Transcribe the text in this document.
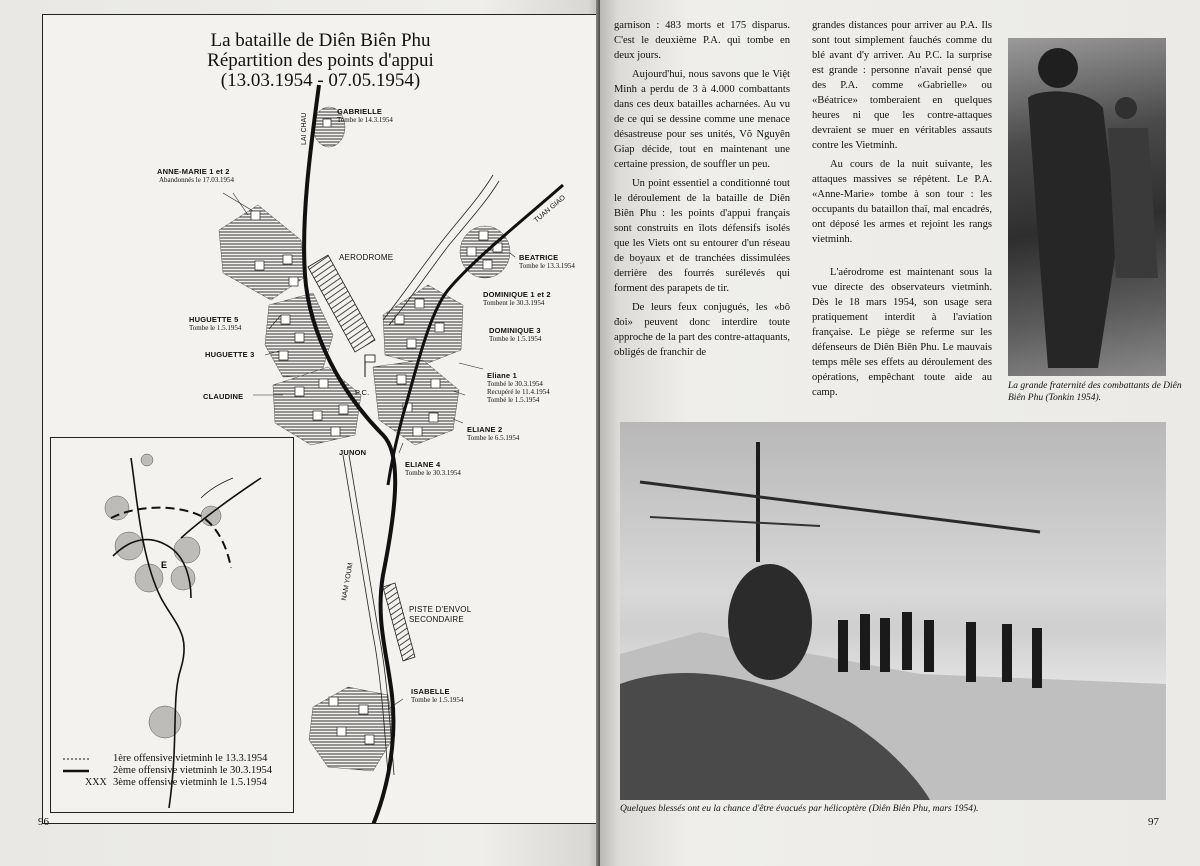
La bataille de Diên Biên Phu
Répartition des points d'appui
(13.03.1954 - 07.05.1954)
LAI CHAU
TUAN GIAO
NAM YOUM
AERODROME
P.C.
PISTE D'ENVOL
SECONDAIRE
GABRIELLE
Tombe le 14.3.1954
ANNE-MARIE 1 et 2
Abandonnés le 17.03.1954
BEATRICE
Tombe le 13.3.1954
DOMINIQUE 1 et 2
Tombent le 30.3.1954
DOMINIQUE 3
Tombe le 1.5.1954
HUGUETTE 5
Tombe le 1.5.1954
HUGUETTE 3
CLAUDINE
Eliane 1
Tombé le 30.3.1954
Recupéré le 11.4.1954
Tombé le 1.5.1954
ELIANE 2
Tombe le 6.5.1954
JUNON
ELIANE 4
Tombe le 30.3.1954
ISABELLE
Tombe le 1.5.1954
E
1ère offensive vietminh le 13.3.1954
2ème offensive vietminh le 30.3.1954
XXX 3ème offensive vietminh le 1.5.1954
96

garnison : 483 morts et 175 disparus. C'est le deuxième P.A. qui tombe en deux jours.

Aujourd'hui, nous savons que le Việt Minh a perdu de 3 à 4.000 combattants dans ces deux batailles acharnées. Au vu de ce qui se dessine comme une menace désastreuse pour ses unités, Võ Nguyên Giap décide, tout en maintenant une certaine pression, de souffler un peu.

Un point essentiel a conditionné tout le déroulement de la bataille de Diên Biên Phu : les points d'appui français sont construits en îlots défensifs isolés que les Viets ont su entourer d'un réseau de boyaux et de tranchées dissimulées derrière des fourrés surélevés qui forment des parapets de tir.

De leurs feux conjugués, les «bô đoi» peuvent donc interdire toute approche de la part des contre-attaquants, obligés de franchir de

grandes distances pour arriver au P.A. Ils sont tout simplement fauchés comme du blé avant d'y arriver. Au P.C. la surprise est grande : personne n'avait pensé que des P.A. comme «Gabrielle» ou «Béatrice» tomberaient en quelques heures ni que les contre-attaques devraient se muer en véritables assauts contre les Vietminh.

Au cours de la nuit suivante, les attaques massives se répètent. Le P.A. «Anne-Marie» tombe à son tour : les occupants du bataillon thaï, mal encadrés, ont déposé les armes et rejoint les rangs vietminh.

L'aérodrome est maintenant sous la vue directe des observateurs vietminh. Dès le 18 mars 1954, son usage sera pratiquement interdit à l'aviation française. Le piège se referme sur les défenseurs de Diên Biên Phu. Le mauvais temps mêle ses effets au déroulement des opérations, empêchant toute aide au camp.

La grande fraternité des combattants de Diên Biên Phu (Tonkin 1954).
Quelques blessés ont eu la chance d'être évacués par hélicoptère (Diên Biên Phu, mars 1954).
97
